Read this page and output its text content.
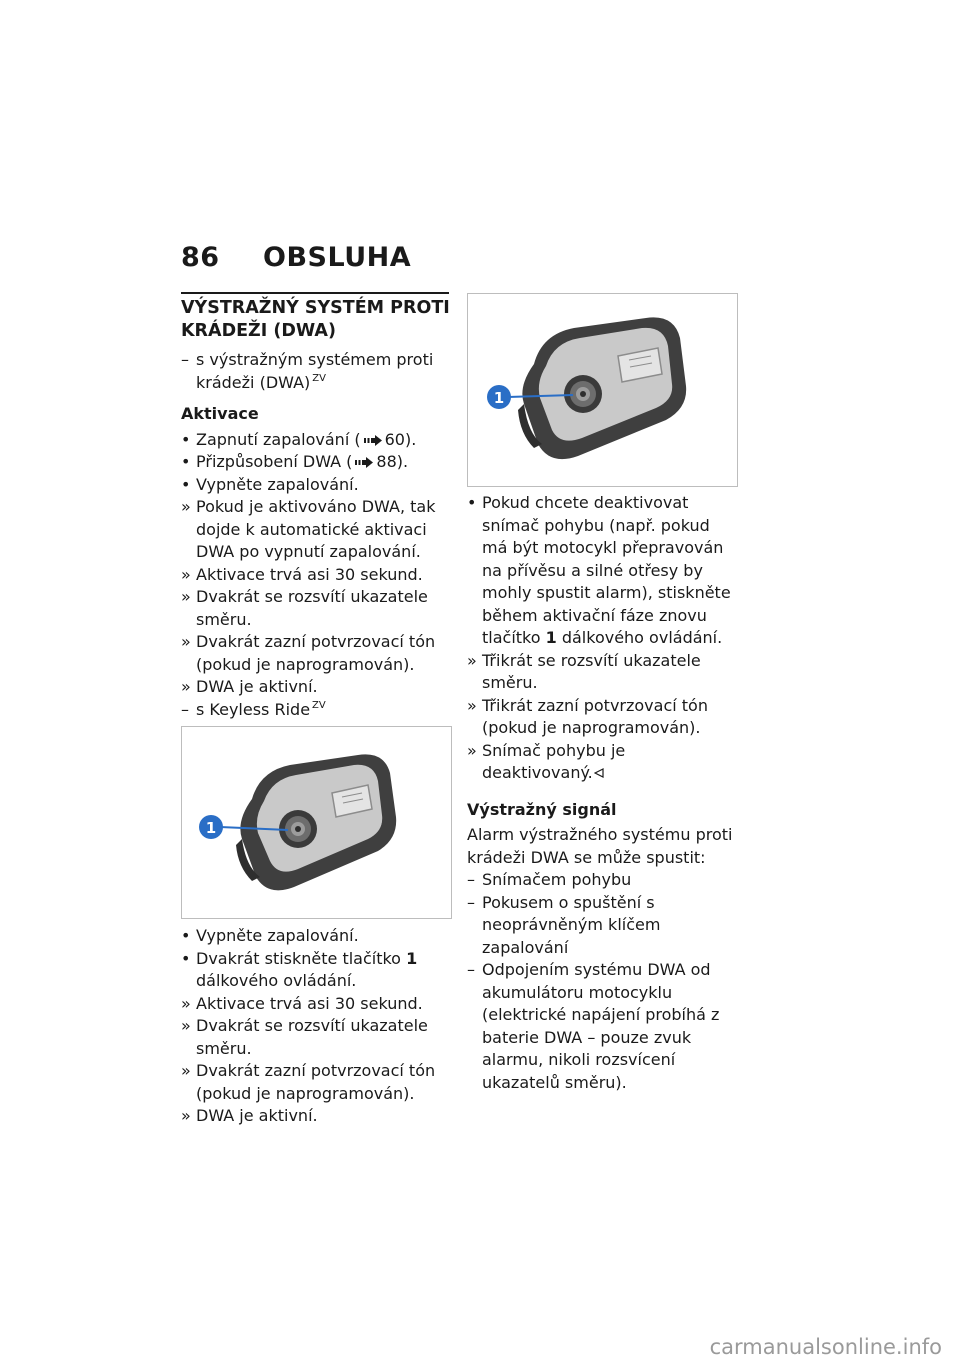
86 OBSLUHA
VÝSTRAŽNÝ SYSTÉM PROTI
KRÁDEŽI (DWA)
– s výstražným systémem proti krádeži (DWA) $^{ZV}$
Aktivace
• Zapnutí zapalování ( 60).
• Přizpůsobení DWA ( 88).
• Vypněte zapalování.
» Pokud je aktivováno DWA, tak dojde k automatické aktivaci DWA po vypnutí zapalování.
» Aktivace trvá asi 30 sekund.
» Dvakrát se rozsvítí ukazatele směru.
» Dvakrát zazní potvrzovací tón (pokud je naprogramován).
» DWA je aktivní.
– s Keyless Ride $^{ZV}$
1
• Vypněte zapalování.
• Dvakrát stiskněte tlačítko 1 dálkového ovládání.
» Aktivace trvá asi 30 sekund.
» Dvakrát se rozsvítí ukazatele směru.
» Dvakrát zazní potvrzovací tón (pokud je naprogramován).
» DWA je aktivní.
1
• Pokud chcete deaktivovat snímač pohybu (např. pokud má být motocykl přepravován na přívěsu a silné otřesy by mohly spustit alarm), stiskněte během aktivační fáze znovu tlačítko 1 dálkového ovládání.
» Třikrát se rozsvítí ukazatele směru.
» Třikrát zazní potvrzovací tón (pokud je naprogramován).
» Snímač pohybu je deaktivovaný.
Výstražný signál
Alarm výstražného systému proti krádeži DWA se může spustit:
– Snímačem pohybu
– Pokusem o spuštění s neoprávněným klíčem zapalování
– Odpojením systému DWA od akumulátoru motocyklu (elektrické napájení probíhá z baterie DWA – pouze zvuk alarmu, nikoli rozsvícení ukazatelů směru).
carmanualsonline.info
